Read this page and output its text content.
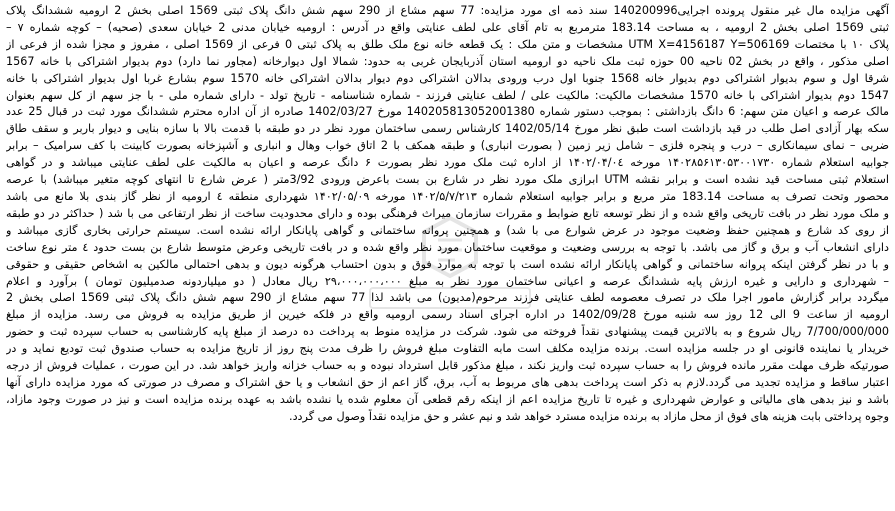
آگهی مزایده مال غیر منقول پرونده اجرایی140200996 سند ذمه ای مورد مزایده: 77 سهم مشاع از 290 سهم شش دانگ پلاک ثبتی 1569 اصلی بخش 2 ارومیه ششدانگ پلاک
ثبتی 1569 اصلی بخش 2 ارومیه ، به مساحت 183.14 مترمربع به تام آقای علی لطف عنایتی واقع در آدرس : ارومیه خیابان مدنی 2 خیابان سعدی (صحیه) – کوچه شماره ۷ –
پلاک ۱۰ با مختصات UTM X=4156187 Y=506169 مشخصات و متن ملک : یک قطعه خانه نوع ملک طلق به پلاک ثبتی 0 فرعی از 1569 اصلی ، مفروز و مجزا شده از فرعی از
اصلی مذکور ، واقع در بخش 02 ناحیه 00 حوزه ثبت ملک ناحیه دو ارومیه استان آذربایجان غربی به حدود: شمالا اول دیوارخانه (مجاور نما دارد) دوم بدیوار اشتراکی با خانه 1567
شرقا اول و سوم بدیوار اشتراکی دوم بدیوار خانه 1568 جنوبا اول درب ورودی بدالان اشتراکی دوم دیوار بدالان اشتراکی خانه 1570 سوم بشارع غربا اول بدیوار اشتراکی با خانه
1547 دوم بدیوار اشتراکی با خانه 1570 مشخصات مالکیت: مالکیت علی / لطف عنایتی فرزند - شماره شناسنامه - تاریخ تولد - دارای شماره ملی - با جز سهم از کل سهم بعنوان
مالک عرصه و اعیان متن سهم: 6 دانگ بازداشتی : بموجب دستور شماره 140205813052001380 مورخ 1402/03/27 صادره از آن اداره محترم ششدانگ مورد ثبت در قبال 25 عدد
سکه بهار آزادی اصل طلب در قید بازداشت است طبق نظر مورخ 1402/05/14 کارشناس رسمی ساختمان مورد نظر در دو طبقه با قدمت بالا با سازه بنایی و دیوار باربر و سقف طاق
ضربی – نمای سیمانکاری – درب و پنجره فلزی – شامل زیر زمین ( بصورت انباری) و طبقه همکف با 2 اتاق خواب وهال و انباری و آشپزخانه بصورت کابینت با کف سرامیک – برابر
جوابیه استعلام شماره ۱۴۰۲۸۵۶۱۳۰۵۳۰۰۱۷۳۰ مورخه ۱۴۰۲/۰۴/۰٤ از اداره ثبت ملک مورد نظر بصورت ۶ دانگ عرصه و اعیان به مالکیت علی لطف عنایتی میباشد و در گواهی
استعلام ثبتی مساحت قید نشده است و برابر نقشه UTM ابرازی ملک مورد نظر در شارع بن بست باعرض ورودی 3/92متر ( عرض شارع تا انتهای کوچه متغیر میباشد) با عرصه
محصور وتحت تصرف به مساحت 183.14 متر مربع و برابر جوابیه استعلام شماره ۱۴۰۲/۵/۷/۲۱۳ مورخه ۱۴۰۲/۰۵/۰۹ شهرداری منطقه ٤ ارومیه از نظر گاز بندی بلا مانع می باشد
و ملک مورد نظر در بافت تاریخی واقع شده و از نظر توسعه تابع ضوابط و مقررات سازمان میراث فرهنگی بوده و دارای محدودیت ساخت از نظر ارتفاعی می با شد ( حداکثر در دو طبقه
از روی کد شارع و همچنین حفظ وضعیت موجود در عرض شوارع می با شد) و همچنین پروانه ساختمانی و گواهی پایانکار ارائه نشده است. سیستم حرارتی بخاری گازی میباشد و
دارای انشعاب آب و برق و گاز می باشد. با توجه به بررسی وضعیت و موقعیت ساختمان مورد نظر واقع شده و در بافت تاریخی وعرض متوسط شارع بن بست حدود ٤ متر نوع ساخت
و با در نظر گرفتن اینکه پروانه ساختمانی و گواهی پایانکار ارائه نشده است با توجه به موارد فوق و بدون احتساب هرگونه دیون و بدهی احتمالی مالکین به اشخاص حقیقی و حقوقی
– شهرداری و دارایی و غیره ارزش پایه ششدانگ عرصه و اعیانی ساختمان مورد نظر به مبلغ ۲۹،۰۰۰،۰۰۰،۰۰۰ ریال معادل ( دو میلیاردونه صدمیلیون تومان ) برآورد و اعلام
میگردد برابر گزارش مامور اجرا ملک در تصرف معصومه لطف عنایتی فرزند مرحوم(مدیون) می باشد لذا 77 سهم مشاع از 290 سهم شش دانگ پلاک ثبتی 1569 اصلی بخش 2
ارومیه از ساعت 9 الی 12 روز سه شنبه مورخ 1402/09/28 در اداره اجرای اسناد رسمی ارومیه واقع در فلکه خیرین از طریق مزایده به فروش می رسد. مزایده از مبلغ
7/700/000/000 ریال شروع و به بالاترین قیمت پیشنهادی نقداً فروخته می شود. شرکت در مزایده منوط به پرداخت ده درصد از مبلغ پایه کارشناسی به حساب سپرده ثبت و حضور
خریدار یا نماینده قانونی او در جلسه مزایده است. برنده مزایده مکلف است مابه التفاوت مبلغ فروش را ظرف مدت پنج روز از تاریخ مزایده به حساب صندوق ثبت تودیع نماید و در
صورتیکه ظرف مهلت مقرر مانده فروش را به حساب سپرده ثبت واریز نکند ، مبلغ مذکور قابل استرداد نبوده و به حساب خزانه واریز خواهد شد. در این صورت ، عملیات فروش از درجه
اعتبار ساقط و مزایده تجدید می گردد.لازم به ذکر است پرداخت بدهی های مربوط به آب، برق، گاز اعم از حق انشعاب و یا حق اشتراک و مصرف در صورتی که مورد مزایده دارای آنها
باشد و نیز بدهی های مالیاتی و عوارض شهرداری و غیره تا تاریخ مزایده اعم از اینکه رقم قطعی آن معلوم شده یا نشده باشد به عهده برنده مزایده است و نیز در صورت وجود مازاد،
وجوه پرداختی بابت هزینه های فوق از محل مازاد به برنده مزایده مسترد خواهد شد و نیم عشر و حق مزایده نقداً وصول می گردد.
